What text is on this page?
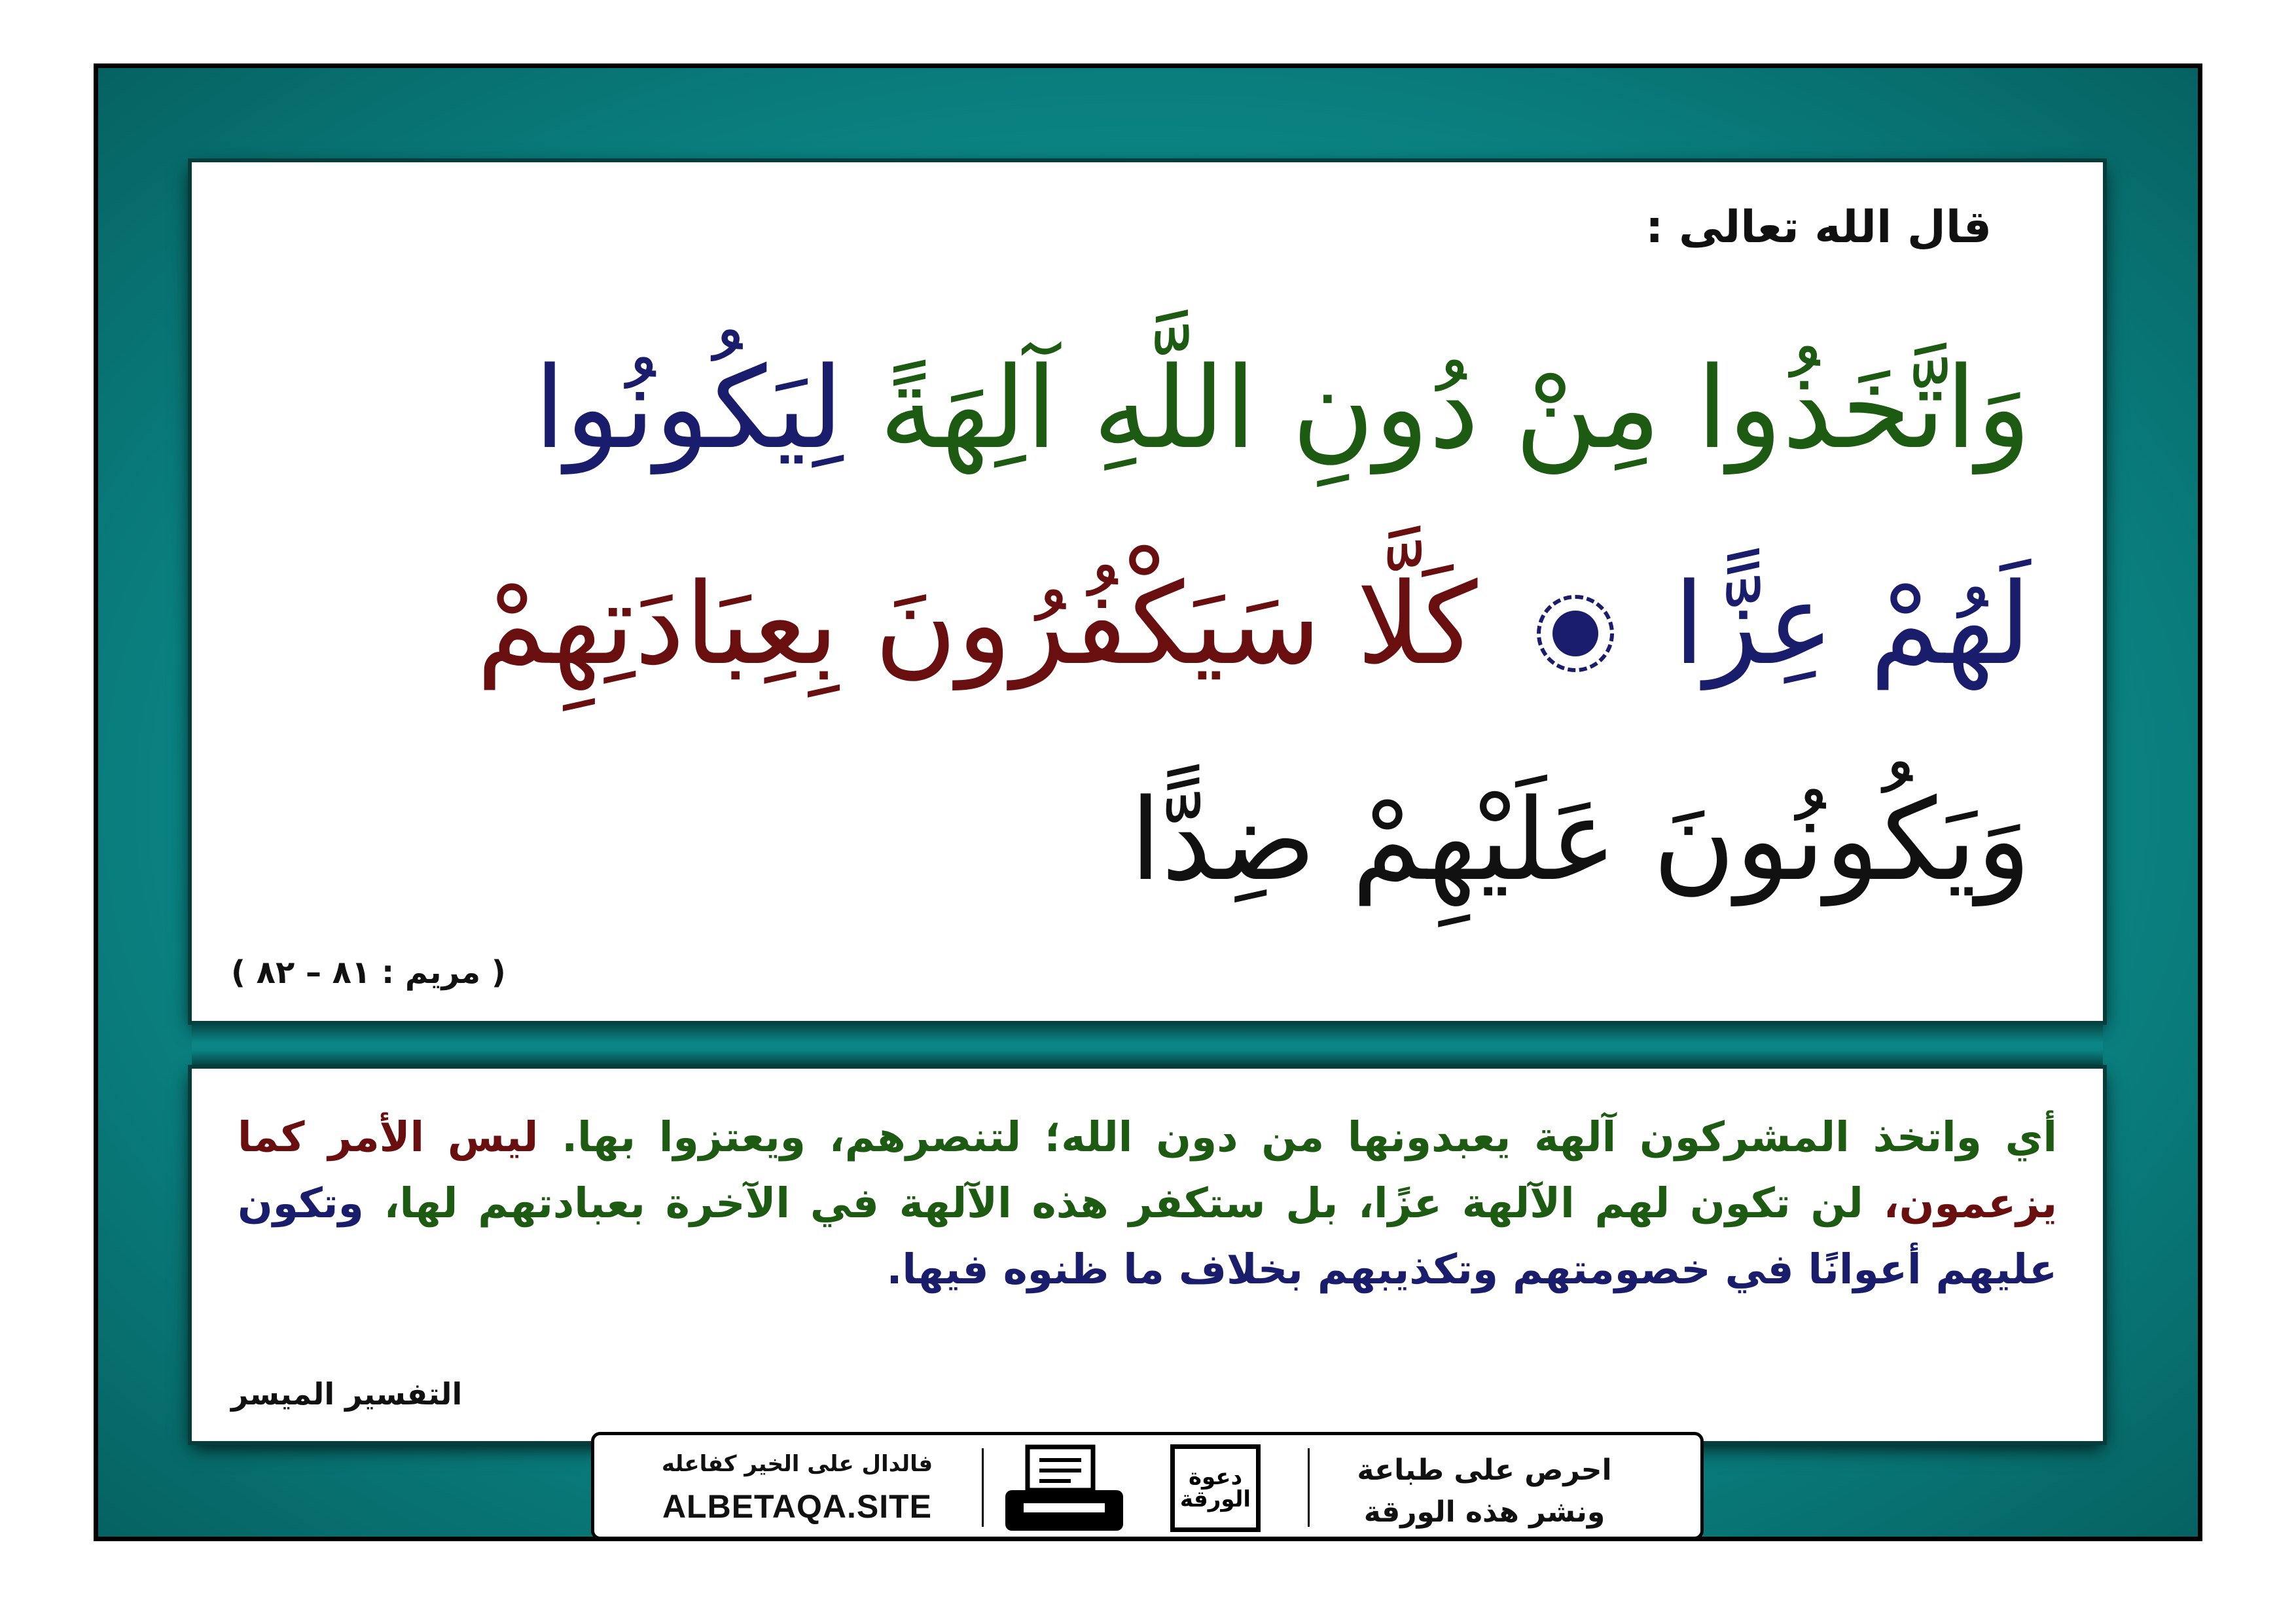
قال الله تعالى :
وَاتَّخَذُوا مِنْ دُونِ اللَّهِ آلِهَةً لِيَكُونُوا
لَهُمْ عِزًّا  كَلَّا سَيَكْفُرُونَ بِعِبَادَتِهِمْ
وَيَكُونُونَ عَلَيْهِمْ ضِدًّا
( مريم : ٨١ – ٨٢ )
أي واتخذ المشركون آلهة يعبدونها من دون الله؛ لتنصرهم، ويعتزوا بها. ليس الأمر كما يزعمون، لن تكون لهم الآلهة عزًا، بل ستكفر هذه الآلهة في الآخرة بعبادتهم لها، وتكون عليهم أعوانًا في خصومتهم وتكذيبهم بخلاف ما ظنوه فيها.
التفسير الميسر
احرص على طباعة
ونشر هذه الورقة
دعوة الورقة
فالدال على الخير كفاعله
ALBETAQA.SITE
